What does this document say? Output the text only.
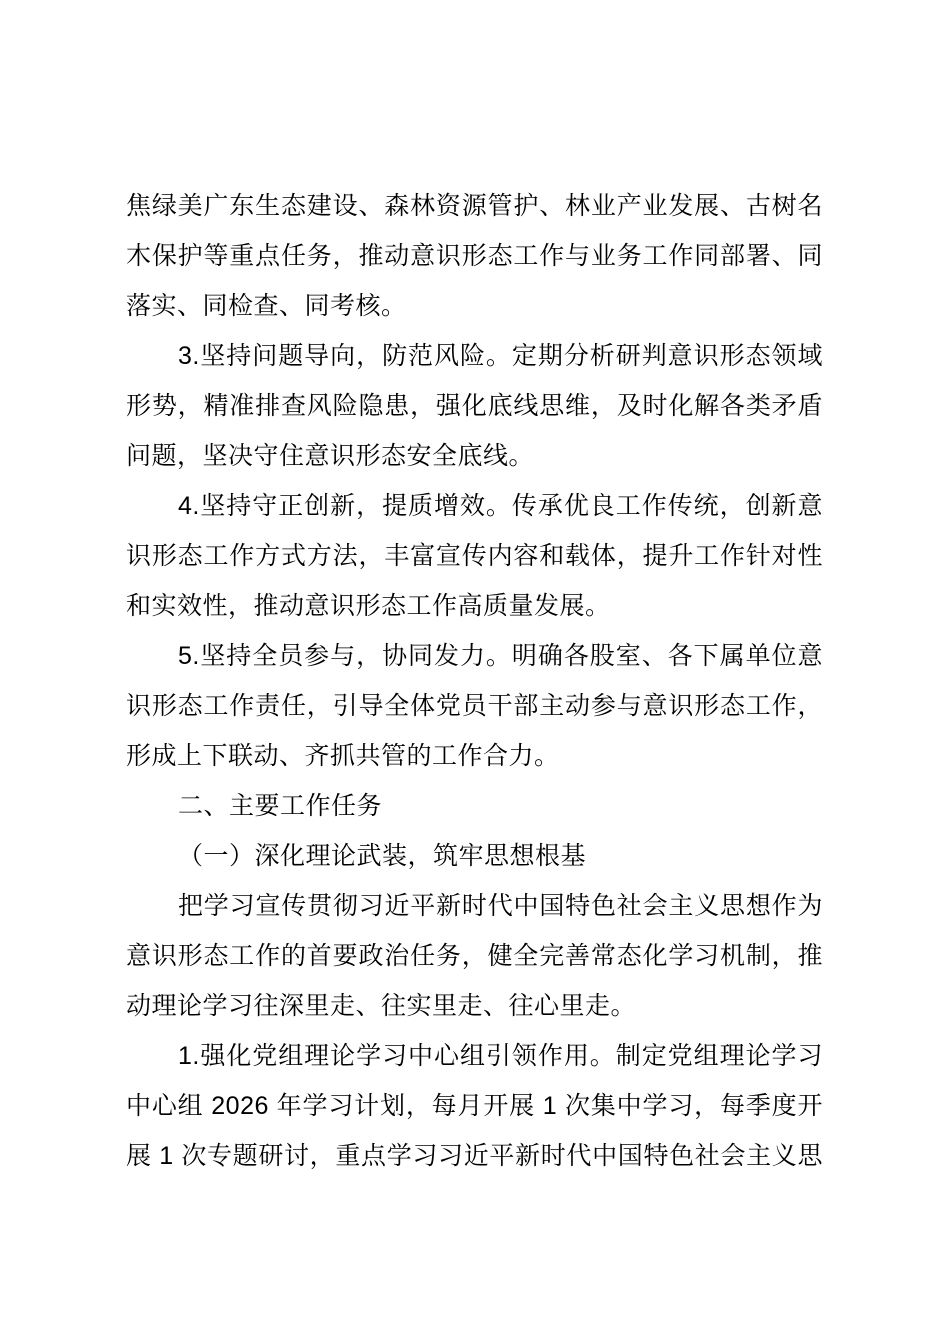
焦绿美广东生态建设、森林资源管护、林业产业发展、古树名
木保护等重点任务，推动意识形态工作与业务工作同部署、同
落实、同检查、同考核。
3.坚持问题导向，防范风险。定期分析研判意识形态领域
形势，精准排查风险隐患，强化底线思维，及时化解各类矛盾
问题，坚决守住意识形态安全底线。
4.坚持守正创新，提质增效。传承优良工作传统，创新意
识形态工作方式方法，丰富宣传内容和载体，提升工作针对性
和实效性，推动意识形态工作高质量发展。
5.坚持全员参与，协同发力。明确各股室、各下属单位意
识形态工作责任，引导全体党员干部主动参与意识形态工作，
形成上下联动、齐抓共管的工作合力。
二、主要工作任务
（一）深化理论武装，筑牢思想根基
把学习宣传贯彻习近平新时代中国特色社会主义思想作为
意识形态工作的首要政治任务，健全完善常态化学习机制，推
动理论学习往深里走、往实里走、往心里走。
1.强化党组理论学习中心组引领作用。制定党组理论学习
中心组 2026 年学习计划，每月开展 1 次集中学习，每季度开
展 1 次专题研讨，重点学习习近平新时代中国特色社会主义思
